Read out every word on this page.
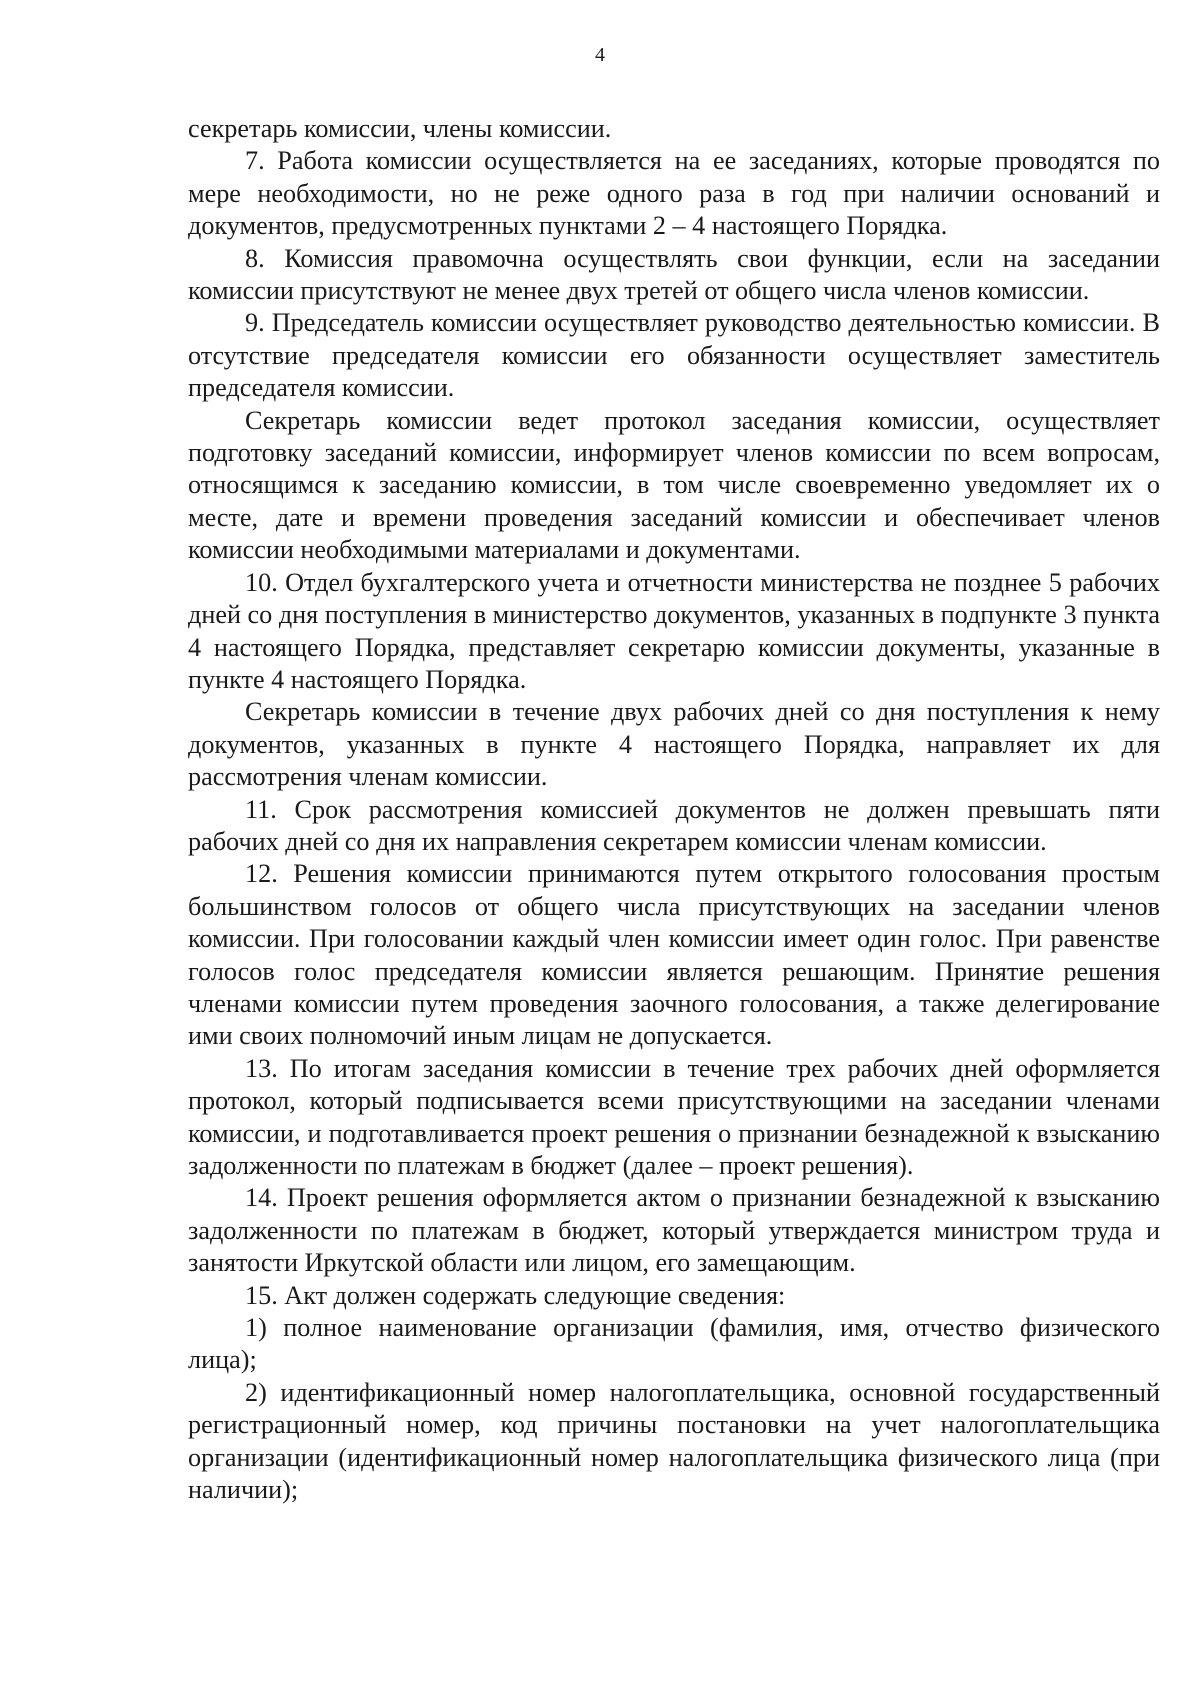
4

секретарь комиссии, члены комиссии.

7. Работа комиссии осуществляется на ее заседаниях, которые проводятся по мере необходимости, но не реже одного раза в год при наличии оснований и документов, предусмотренных пунктами 2 – 4 настоящего Порядка.

8. Комиссия правомочна осуществлять свои функции, если на заседании комиссии присутствуют не менее двух третей от общего числа членов комиссии.

9. Председатель комиссии осуществляет руководство деятельностью комиссии. В отсутствие председателя комиссии его обязанности осуществляет заместитель председателя комиссии.

Секретарь комиссии ведет протокол заседания комиссии, осуществляет подготовку заседаний комиссии, информирует членов комиссии по всем вопросам, относящимся к заседанию комиссии, в том числе своевременно уведомляет их о месте, дате и времени проведения заседаний комиссии и обеспечивает членов комиссии необходимыми материалами и документами.

10. Отдел бухгалтерского учета и отчетности министерства не позднее 5 рабочих дней со дня поступления в министерство документов, указанных в подпункте 3 пункта 4 настоящего Порядка, представляет секретарю комиссии документы, указанные в пункте 4 настоящего Порядка.

Секретарь комиссии в течение двух рабочих дней со дня поступления к нему документов, указанных в пункте 4 настоящего Порядка, направляет их для рассмотрения членам комиссии.

11. Срок рассмотрения комиссией документов не должен превышать пяти рабочих дней со дня их направления секретарем комиссии членам комиссии.

12. Решения комиссии принимаются путем открытого голосования простым большинством голосов от общего числа присутствующих на заседании членов комиссии. При голосовании каждый член комиссии имеет один голос. При равенстве голосов голос председателя комиссии является решающим. Принятие решения членами комиссии путем проведения заочного голосования, а также делегирование ими своих полномочий иным лицам не допускается.

13. По итогам заседания комиссии в течение трех рабочих дней оформляется протокол, который подписывается всеми присутствующими на заседании членами комиссии, и подготавливается проект решения о признании безнадежной к взысканию задолженности по платежам в бюджет (далее – проект решения).

14. Проект решения оформляется актом о признании безнадежной к взысканию задолженности по платежам в бюджет, который утверждается министром труда и занятости Иркутской области или лицом, его замещающим.

15. Акт должен содержать следующие сведения:

1) полное наименование организации (фамилия, имя, отчество физического лица);

2) идентификационный номер налогоплательщика, основной государственный регистрационный номер, код причины постановки на учет налогоплательщика организации (идентификационный номер налогоплательщика физического лица (при наличии);
